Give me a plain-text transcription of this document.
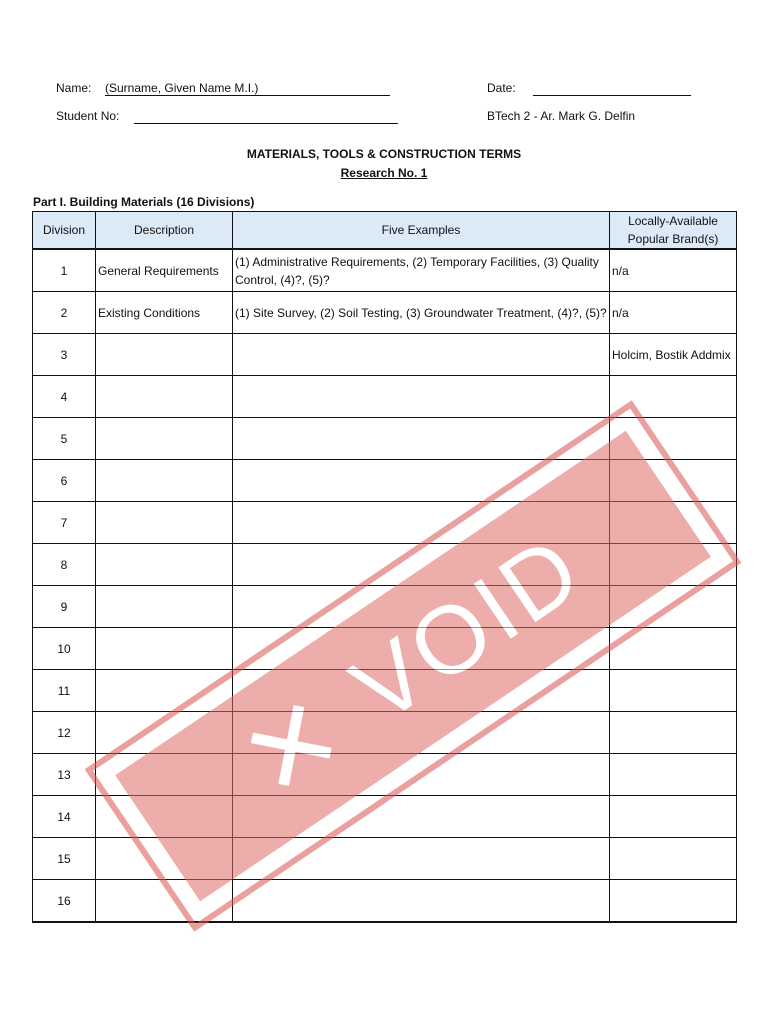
Name: (Surname, Given Name M.I.)	Date:
Student No:	BTech 2 - Ar. Mark G. Delfin
MATERIALS, TOOLS & CONSTRUCTION TERMS
Research No. 1
Part I. Building Materials (16 Divisions)
Division	Description	Five Examples	Locally-Available Popular Brand(s)
1	General Requirements	(1) Administrative Requirements, (2) Temporary Facilities, (3) Quality Control, (4)?, (5)?	n/a
2	Existing Conditions	(1) Site Survey, (2) Soil Testing, (3) Groundwater Treatment, (4)?, (5)?	n/a
3			Holcim, Bostik Addmix
4			
5			
6			
7			
8			
9			
10			
11			
12			
13			
14			
15			
16			
✕
VOID
